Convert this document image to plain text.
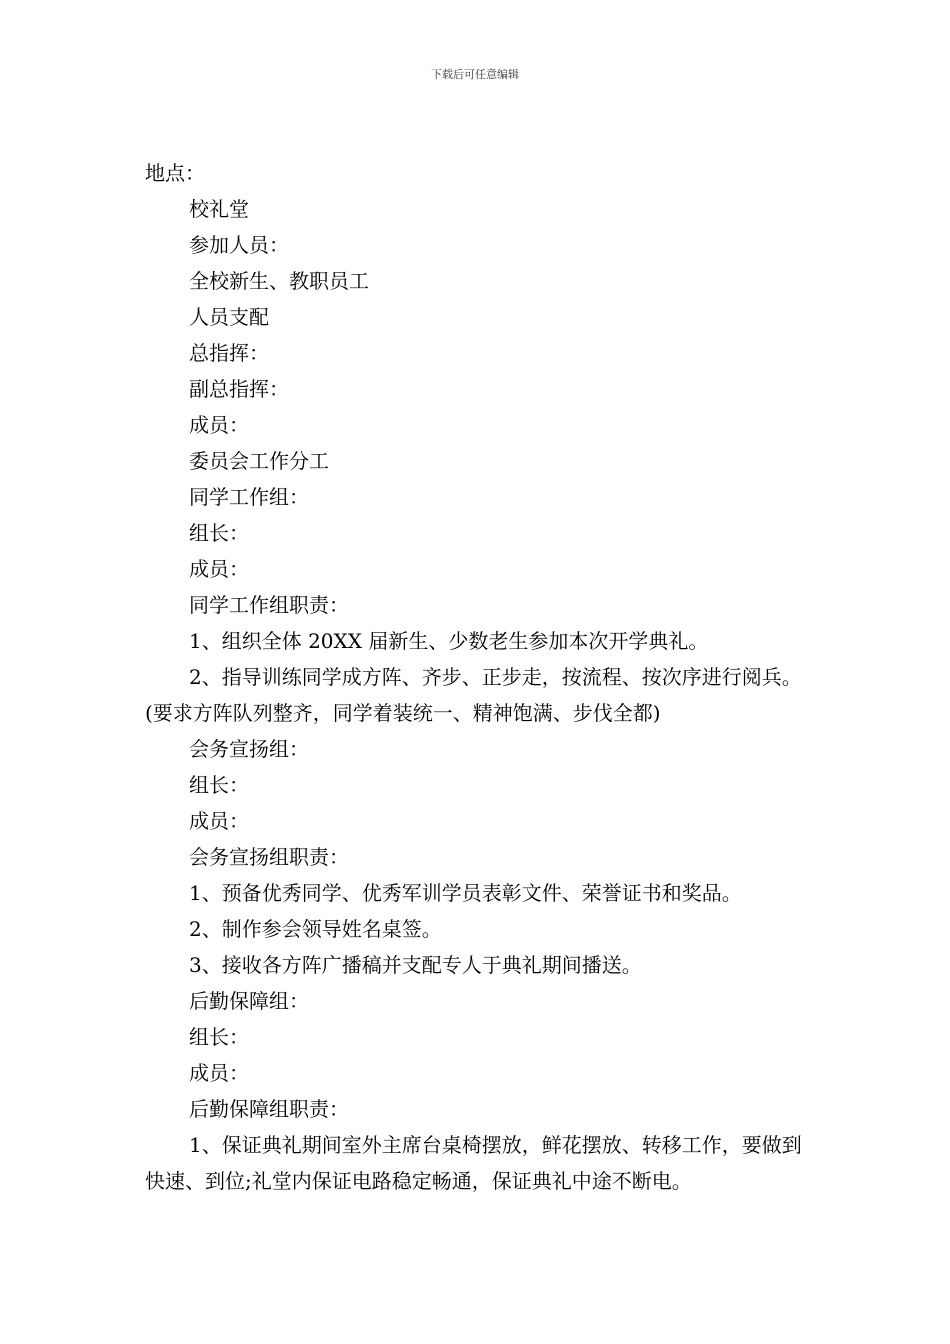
下载后可任意编辑

地点：

校礼堂

参加人员：

全校新生、教职员工

人员支配

总指挥：

副总指挥：

成员：

委员会工作分工

同学工作组：

组长：

成员：

同学工作组职责：

1、组织全体 20XX 届新生、少数老生参加本次开学典礼。

2、指导训练同学成方阵、齐步、正步走，按流程、按次序进行阅兵。(要求方阵队列整齐，同学着装统一、精神饱满、步伐全都)

会务宣扬组：

组长：

成员：

会务宣扬组职责：

1、预备优秀同学、优秀军训学员表彰文件、荣誉证书和奖品。

2、制作参会领导姓名桌签。

3、接收各方阵广播稿并支配专人于典礼期间播送。

后勤保障组：

组长：

成员：

后勤保障组职责：

1、保证典礼期间室外主席台桌椅摆放，鲜花摆放、转移工作，要做到快速、到位;礼堂内保证电路稳定畅通，保证典礼中途不断电。
